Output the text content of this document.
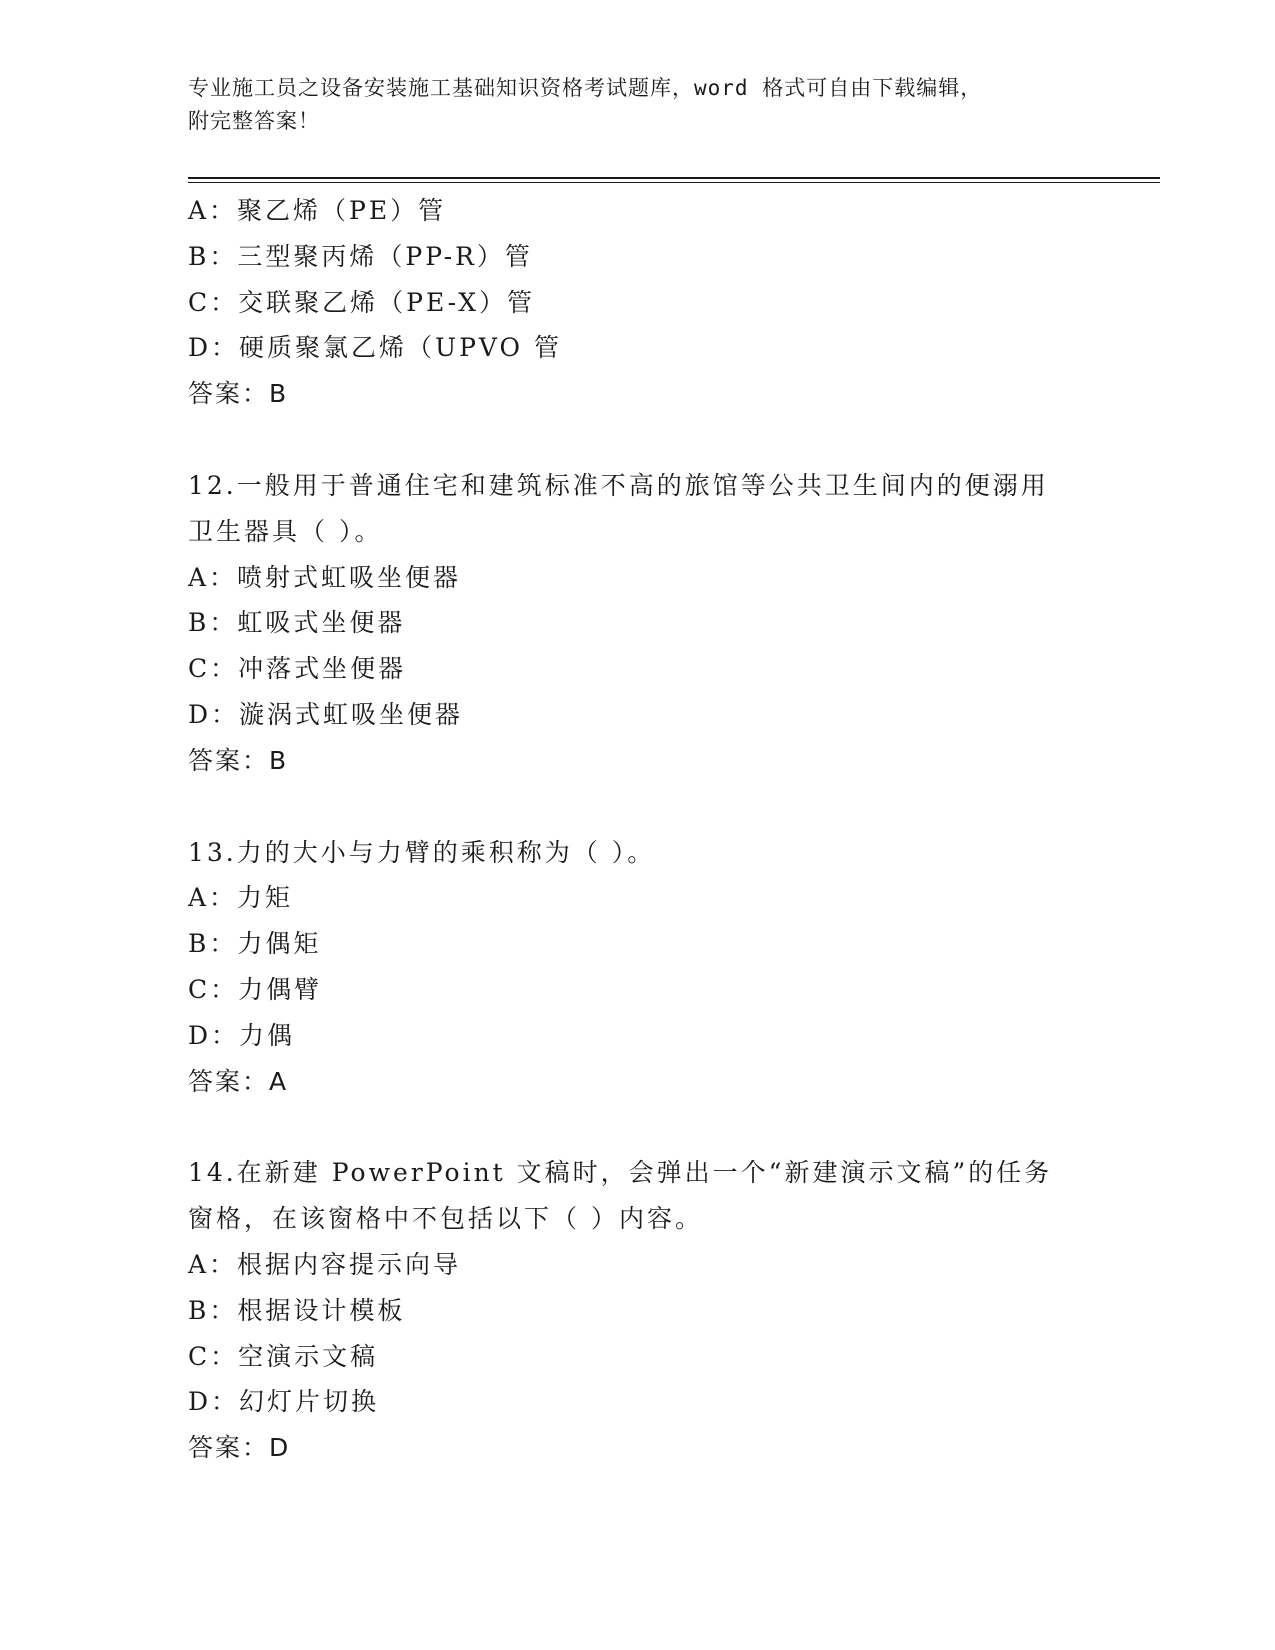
专业施工员之设备安装施工基础知识资格考试题库，word 格式可自由下载编辑，
附完整答案！

A：聚乙烯（PE）管

B：三型聚丙烯（PP-R）管

C：交联聚乙烯（PE-X）管

D：硬质聚氯乙烯（UPVO 管

答案：B

12.一般用于普通住宅和建筑标准不高的旅馆等公共卫生间内的便溺用

卫生器具（ ）。

A：喷射式虹吸坐便器

B：虹吸式坐便器

C：冲落式坐便器

D：漩涡式虹吸坐便器

答案：B

13.力的大小与力臂的乘积称为（ ）。

A：力矩

B：力偶矩

C：力偶臂

D：力偶

答案：A

14.在新建 PowerPoint 文稿时，会弹出一个“新建演示文稿”的任务

窗格，在该窗格中不包括以下（ ）内容。

A：根据内容提示向导

B：根据设计模板

C：空演示文稿

D：幻灯片切换

答案：D
